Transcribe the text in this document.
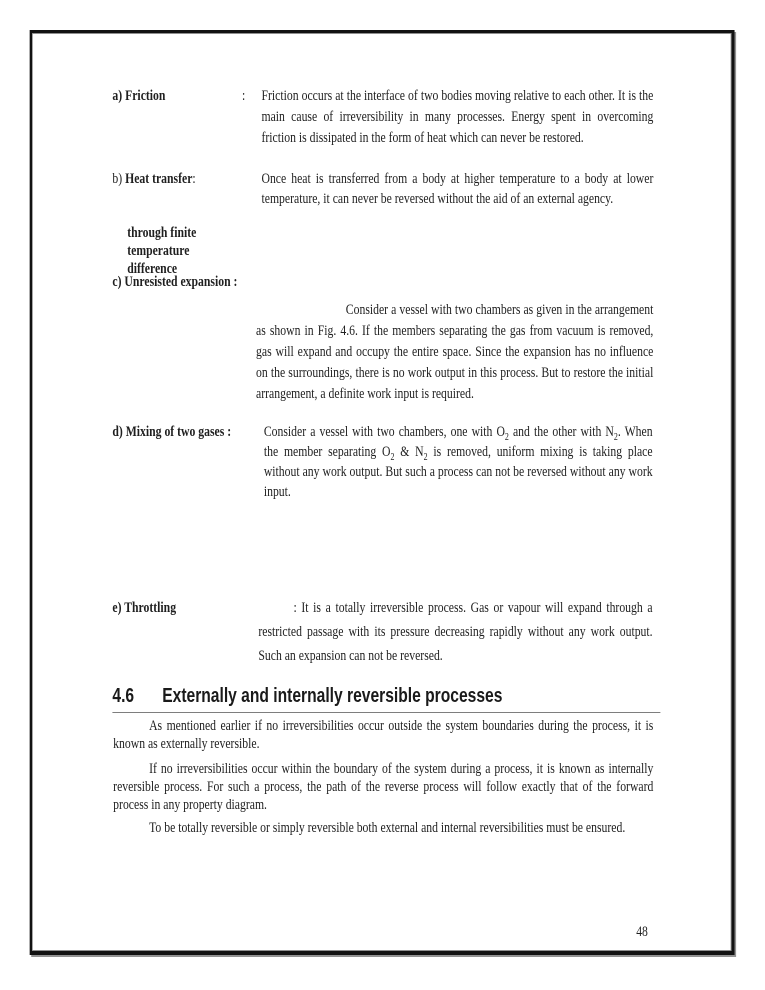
a) Friction	: Friction occurs at the interface of two bodies moving relative to each other. It is the main cause of irreversibility in many processes. Energy spent in overcoming friction is dissipated in the form of heat which can never be restored.

b) Heat transfer:	Once heat is transferred from a body at higher temperature to a body at lower temperature, it can never be reversed without the aid of an external agency.

through finite
temperature
difference
c) Unresisted expansion :

Consider a vessel with two chambers as given in the arrangement as shown in Fig. 4.6. If the members separating the gas from vacuum is removed, gas will expand and occupy the entire space. Since the expansion has no influence on the surroundings, there is no work output in this process. But to restore the initial arrangement, a definite work input is required.

d) Mixing of two gases : Consider a vessel with two chambers, one with $O_2$ and the other with $N_2$. When the member separating $O_2$ & $N_2$ is removed, uniform mixing is taking place without any work output. But such a process can not be reversed without any work input.

e) Throttling	: It is a totally irreversible process. Gas or vapour will expand through a restricted passage with its pressure decreasing rapidly without any work output. Such an expansion can not be reversed.

4.6 Externally and internally reversible processes

As mentioned earlier if no irreversibilities occur outside the system boundaries during the process, it is known as externally reversible.

If no irreversibilities occur within the boundary of the system during a process, it is known as internally reversible process. For such a process, the path of the reverse process will follow exactly that of the forward process in any property diagram.

To be totally reversible or simply reversible both external and internal reversibilities must be ensured.

48
